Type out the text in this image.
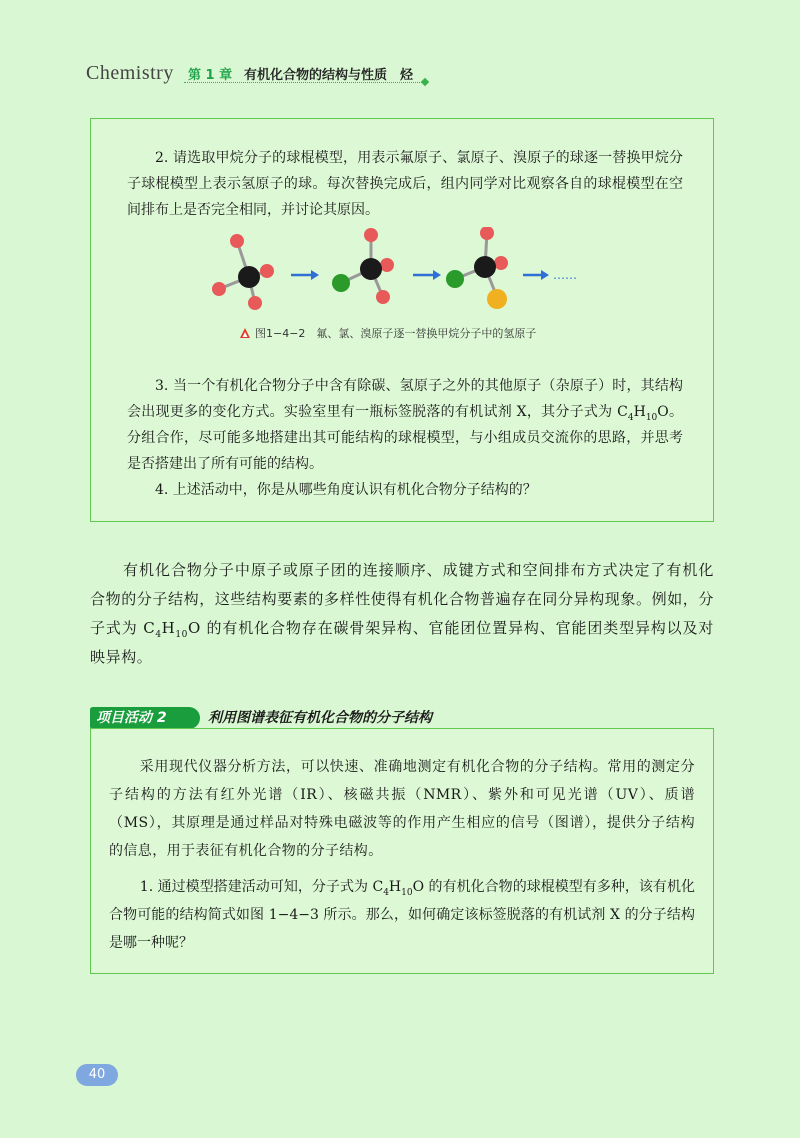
Chemistry 第 1 章 有机化合物的结构与性质　烃

2. 请选取甲烷分子的球棍模型，用表示氟原子、氯原子、溴原子的球逐一替换甲烷分子球棍模型上表示氢原子的球。每次替换完成后，组内同学对比观察各自的球棍模型在空间排布上是否完全相同，并讨论其原因。

……
图1−4−2　氟、氯、溴原子逐一替换甲烷分子中的氢原子

3. 当一个有机化合物分子中含有除碳、氢原子之外的其他原子（杂原子）时，其结构会出现更多的变化方式。实验室里有一瓶标签脱落的有机试剂 X，其分子式为 $C_4H_{10}O$。分组合作，尽可能多地搭建出其可能结构的球棍模型，与小组成员交流你的思路，并思考是否搭建出了所有可能的结构。

4. 上述活动中，你是从哪些角度认识有机化合物分子结构的？

有机化合物分子中原子或原子团的连接顺序、成键方式和空间排布方式决定了有机化合物的分子结构，这些结构要素的多样性使得有机化合物普遍存在同分异构现象。例如，分子式为 $C_4H_{10}O$ 的有机化合物存在碳骨架异构、官能团位置异构、官能团类型异构以及对映异构。

项目活动 2	利用图谱表征有机化合物的分子结构

采用现代仪器分析方法，可以快速、准确地测定有机化合物的分子结构。常用的测定分子结构的方法有红外光谱（IR）、核磁共振（NMR）、紫外和可见光谱（UV）、质谱（MS），其原理是通过样品对特殊电磁波等的作用产生相应的信号（图谱），提供分子结构的信息，用于表征有机化合物的分子结构。

1. 通过模型搭建活动可知，分子式为 $C_4H_{10}O$ 的有机化合物的球棍模型有多种，该有机化合物可能的结构简式如图 1−4−3 所示。那么，如何确定该标签脱落的有机试剂 X 的分子结构是哪一种呢？

40
